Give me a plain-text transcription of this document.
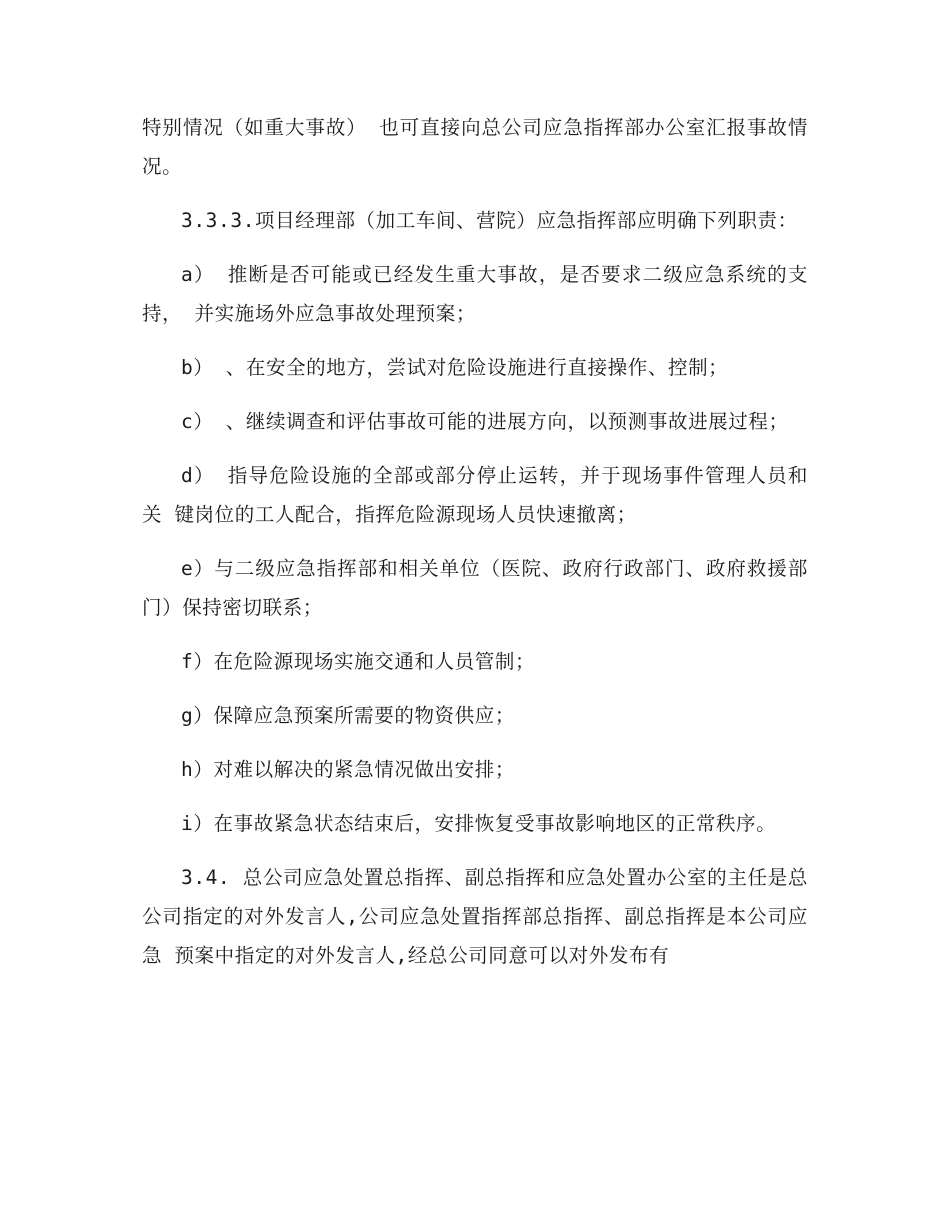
特别情况（如重大事故） 也可直接向总公司应急指挥部办公室汇报事故情况。

3.3.3.项目经理部（加工车间、营院）应急指挥部应明确下列职责：

a） 推断是否可能或已经发生重大事故，是否要求二级应急系统的支持， 并实施场外应急事故处理预案；

b） 、在安全的地方，尝试对危险设施进行直接操作、控制；

c） 、继续调查和评估事故可能的进展方向，以预测事故进展过程；

d） 指导危险设施的全部或部分停止运转，并于现场事件管理人员和关 键岗位的工人配合，指挥危险源现场人员快速撤离；

e）与二级应急指挥部和相关单位（医院、政府行政部门、政府救援部 门）保持密切联系；

f）在危险源现场实施交通和人员管制；

g）保障应急预案所需要的物资供应；

h）对难以解决的紧急情况做出安排；

i）在事故紧急状态结束后，安排恢复受事故影响地区的正常秩序。

3.4. 总公司应急处置总指挥、副总指挥和应急处置办公室的主任是总公司指定的对外发言人,公司应急处置指挥部总指挥、副总指挥是本公司应急 预案中指定的对外发言人,经总公司同意可以对外发布有
